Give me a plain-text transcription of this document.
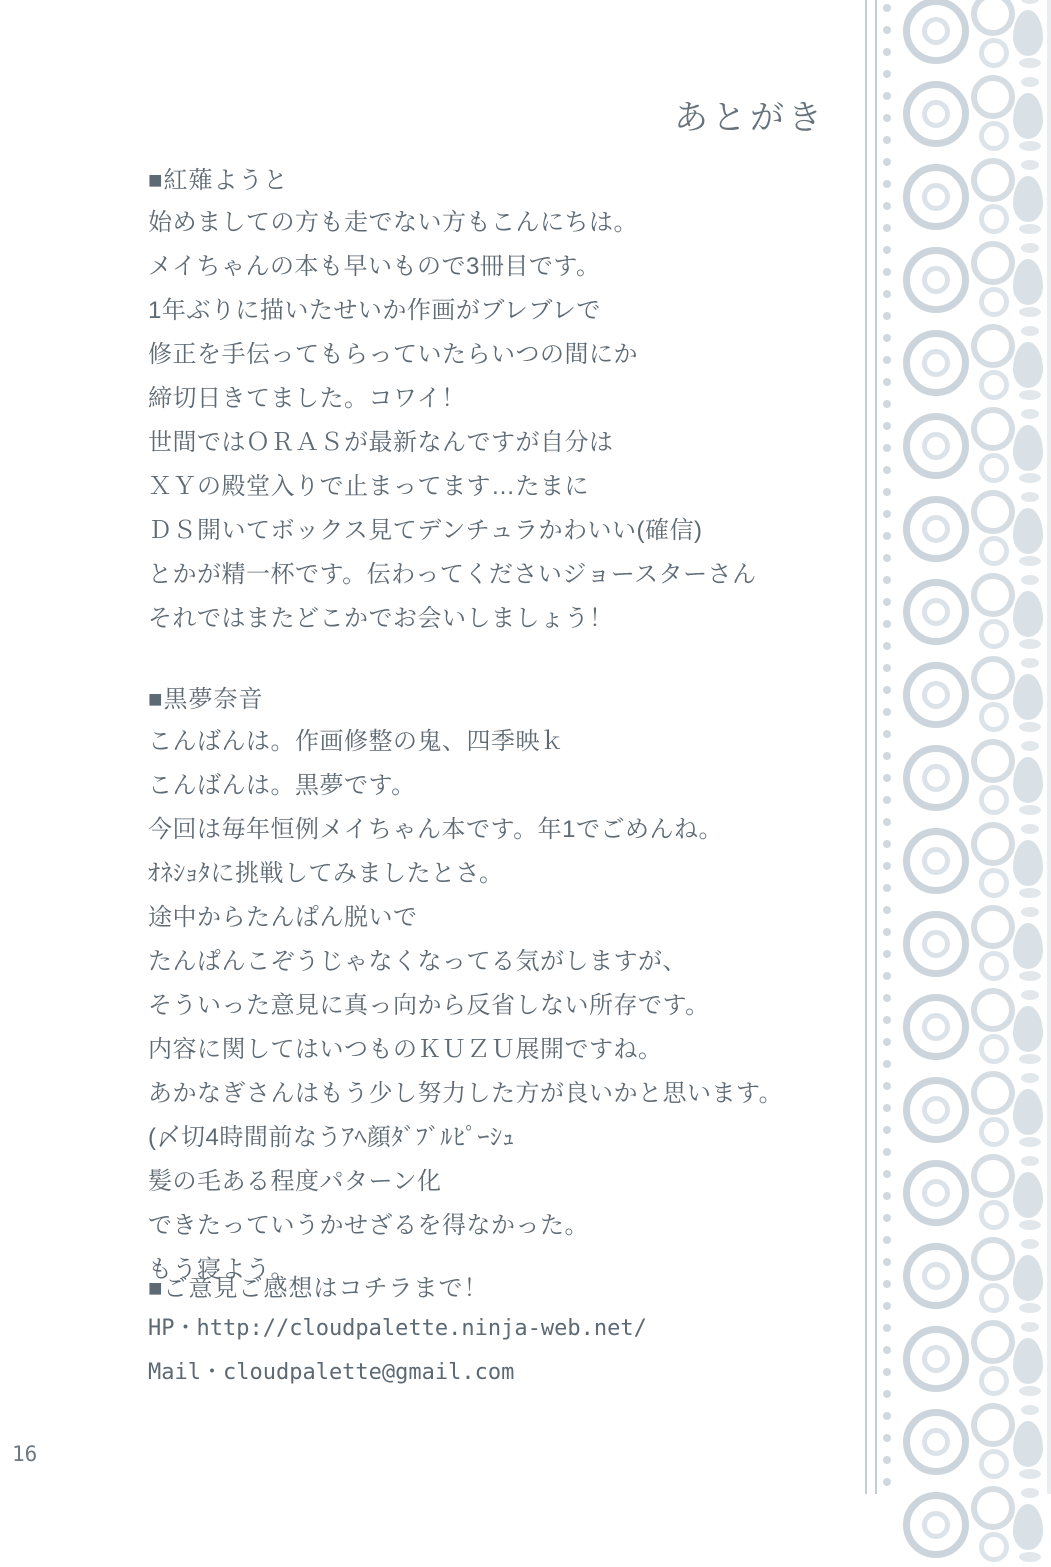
あとがき
■紅薙ようと
始めましての方も走でない方もこんにちは。
メイちゃんの本も早いもので3冊目です。
1年ぶりに描いたせいか作画がブレブレで
修正を手伝ってもらっていたらいつの間にか
締切日きてました。コワイ！
世間ではＯＲＡＳが最新なんですが自分は
ＸＹの殿堂入りで止まってます…たまに
ＤＳ開いてボックス見てデンチュラかわいい(確信)
とかが精一杯です。伝わってくださいジョースターさん
それではまたどこかでお会いしましょう！
■黒夢奈音
こんばんは。作画修整の鬼、四季映ｋ
こんばんは。黒夢です。
今回は毎年恒例メイちゃん本です。年1でごめんね。
ｵﾈｼｮﾀに挑戦してみましたとさ。
途中からたんぱん脱いで
たんぱんこぞうじゃなくなってる気がしますが、
そういった意見に真っ向から反省しない所存です。
内容に関してはいつものＫＵＺＵ展開ですね。
あかなぎさんはもう少し努力した方が良いかと思います。
(〆切4時間前なうｱﾍ顔ﾀﾞﾌﾞﾙﾋﾟｰｼｭ
髪の毛ある程度パターン化
できたっていうかせざるを得なかった。
もう寝よう。
■ご意見ご感想はコチラまで！
HP・http://cloudpalette.ninja-web.net/
Mail・cloudpalette@gmail.com
16
